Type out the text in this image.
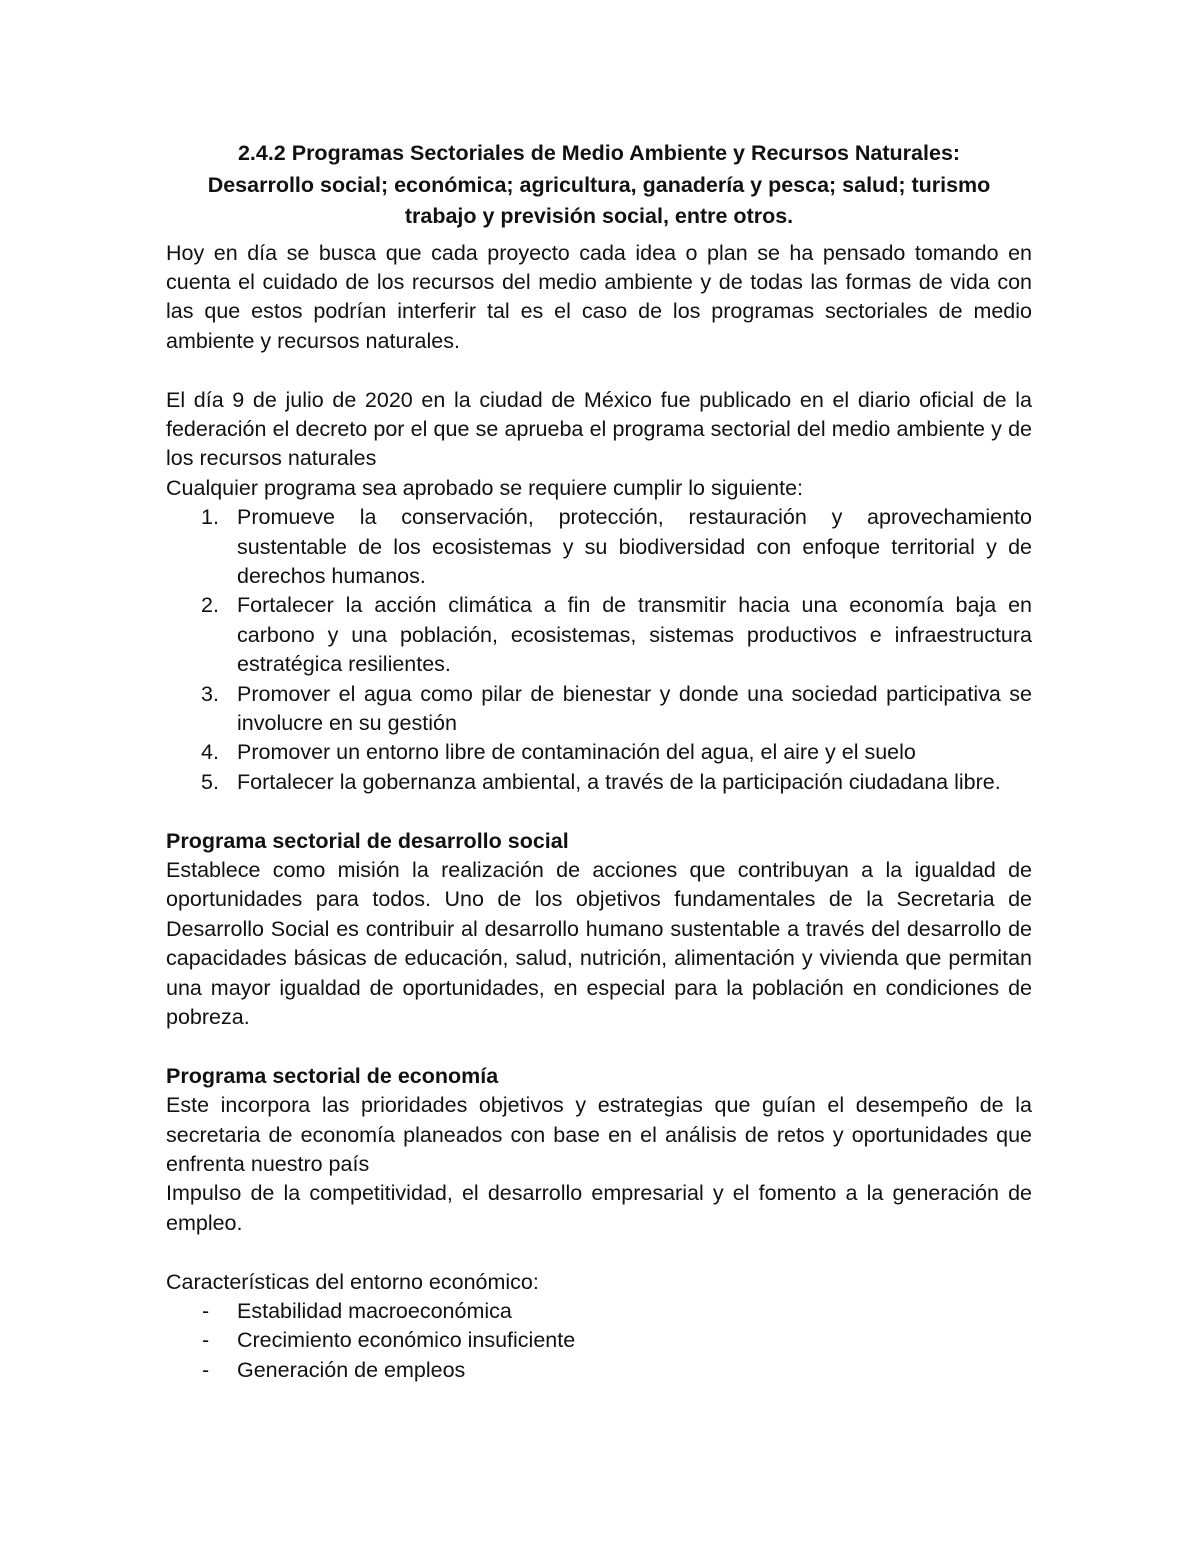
2.4.2 Programas Sectoriales de Medio Ambiente y Recursos Naturales:
Desarrollo social; económica; agricultura, ganadería y pesca; salud; turismo
trabajo y previsión social, entre otros.

Hoy en día se busca que cada proyecto cada idea o plan se ha pensado tomando en cuenta el cuidado de los recursos del medio ambiente y de todas las formas de vida con las que estos podrían interferir tal es el caso de los programas sectoriales de medio ambiente y recursos naturales.

El día 9 de julio de 2020 en la ciudad de México fue publicado en el diario oficial de la federación el decreto por el que se aprueba el programa sectorial del medio ambiente y de los recursos naturales

Cualquier programa sea aprobado se requiere cumplir lo siguiente:

1. Promueve la conservación, protección, restauración y aprovechamiento sustentable de los ecosistemas y su biodiversidad con enfoque territorial y de derechos humanos.
2. Fortalecer la acción climática a fin de transmitir hacia una economía baja en carbono y una población, ecosistemas, sistemas productivos e infraestructura estratégica resilientes.
3. Promover el agua como pilar de bienestar y donde una sociedad participativa se involucre en su gestión
4. Promover un entorno libre de contaminación del agua, el aire y el suelo
5. Fortalecer la gobernanza ambiental, a través de la participación ciudadana libre.
Programa sectorial de desarrollo social

Establece como misión la realización de acciones que contribuyan a la igualdad de oportunidades para todos. Uno de los objetivos fundamentales de la Secretaria de Desarrollo Social es contribuir al desarrollo humano sustentable a través del desarrollo de capacidades básicas de educación, salud, nutrición, alimentación y vivienda que permitan una mayor igualdad de oportunidades, en especial para la población en condiciones de pobreza.

Programa sectorial de economía

Este incorpora las prioridades objetivos y estrategias que guían el desempeño de la secretaria de economía planeados con base en el análisis de retos y oportunidades que enfrenta nuestro país

Impulso de la competitividad, el desarrollo empresarial y el fomento a la generación de empleo.

Características del entorno económico:

- Estabilidad macroeconómica
- Crecimiento económico insuficiente
- Generación de empleos
